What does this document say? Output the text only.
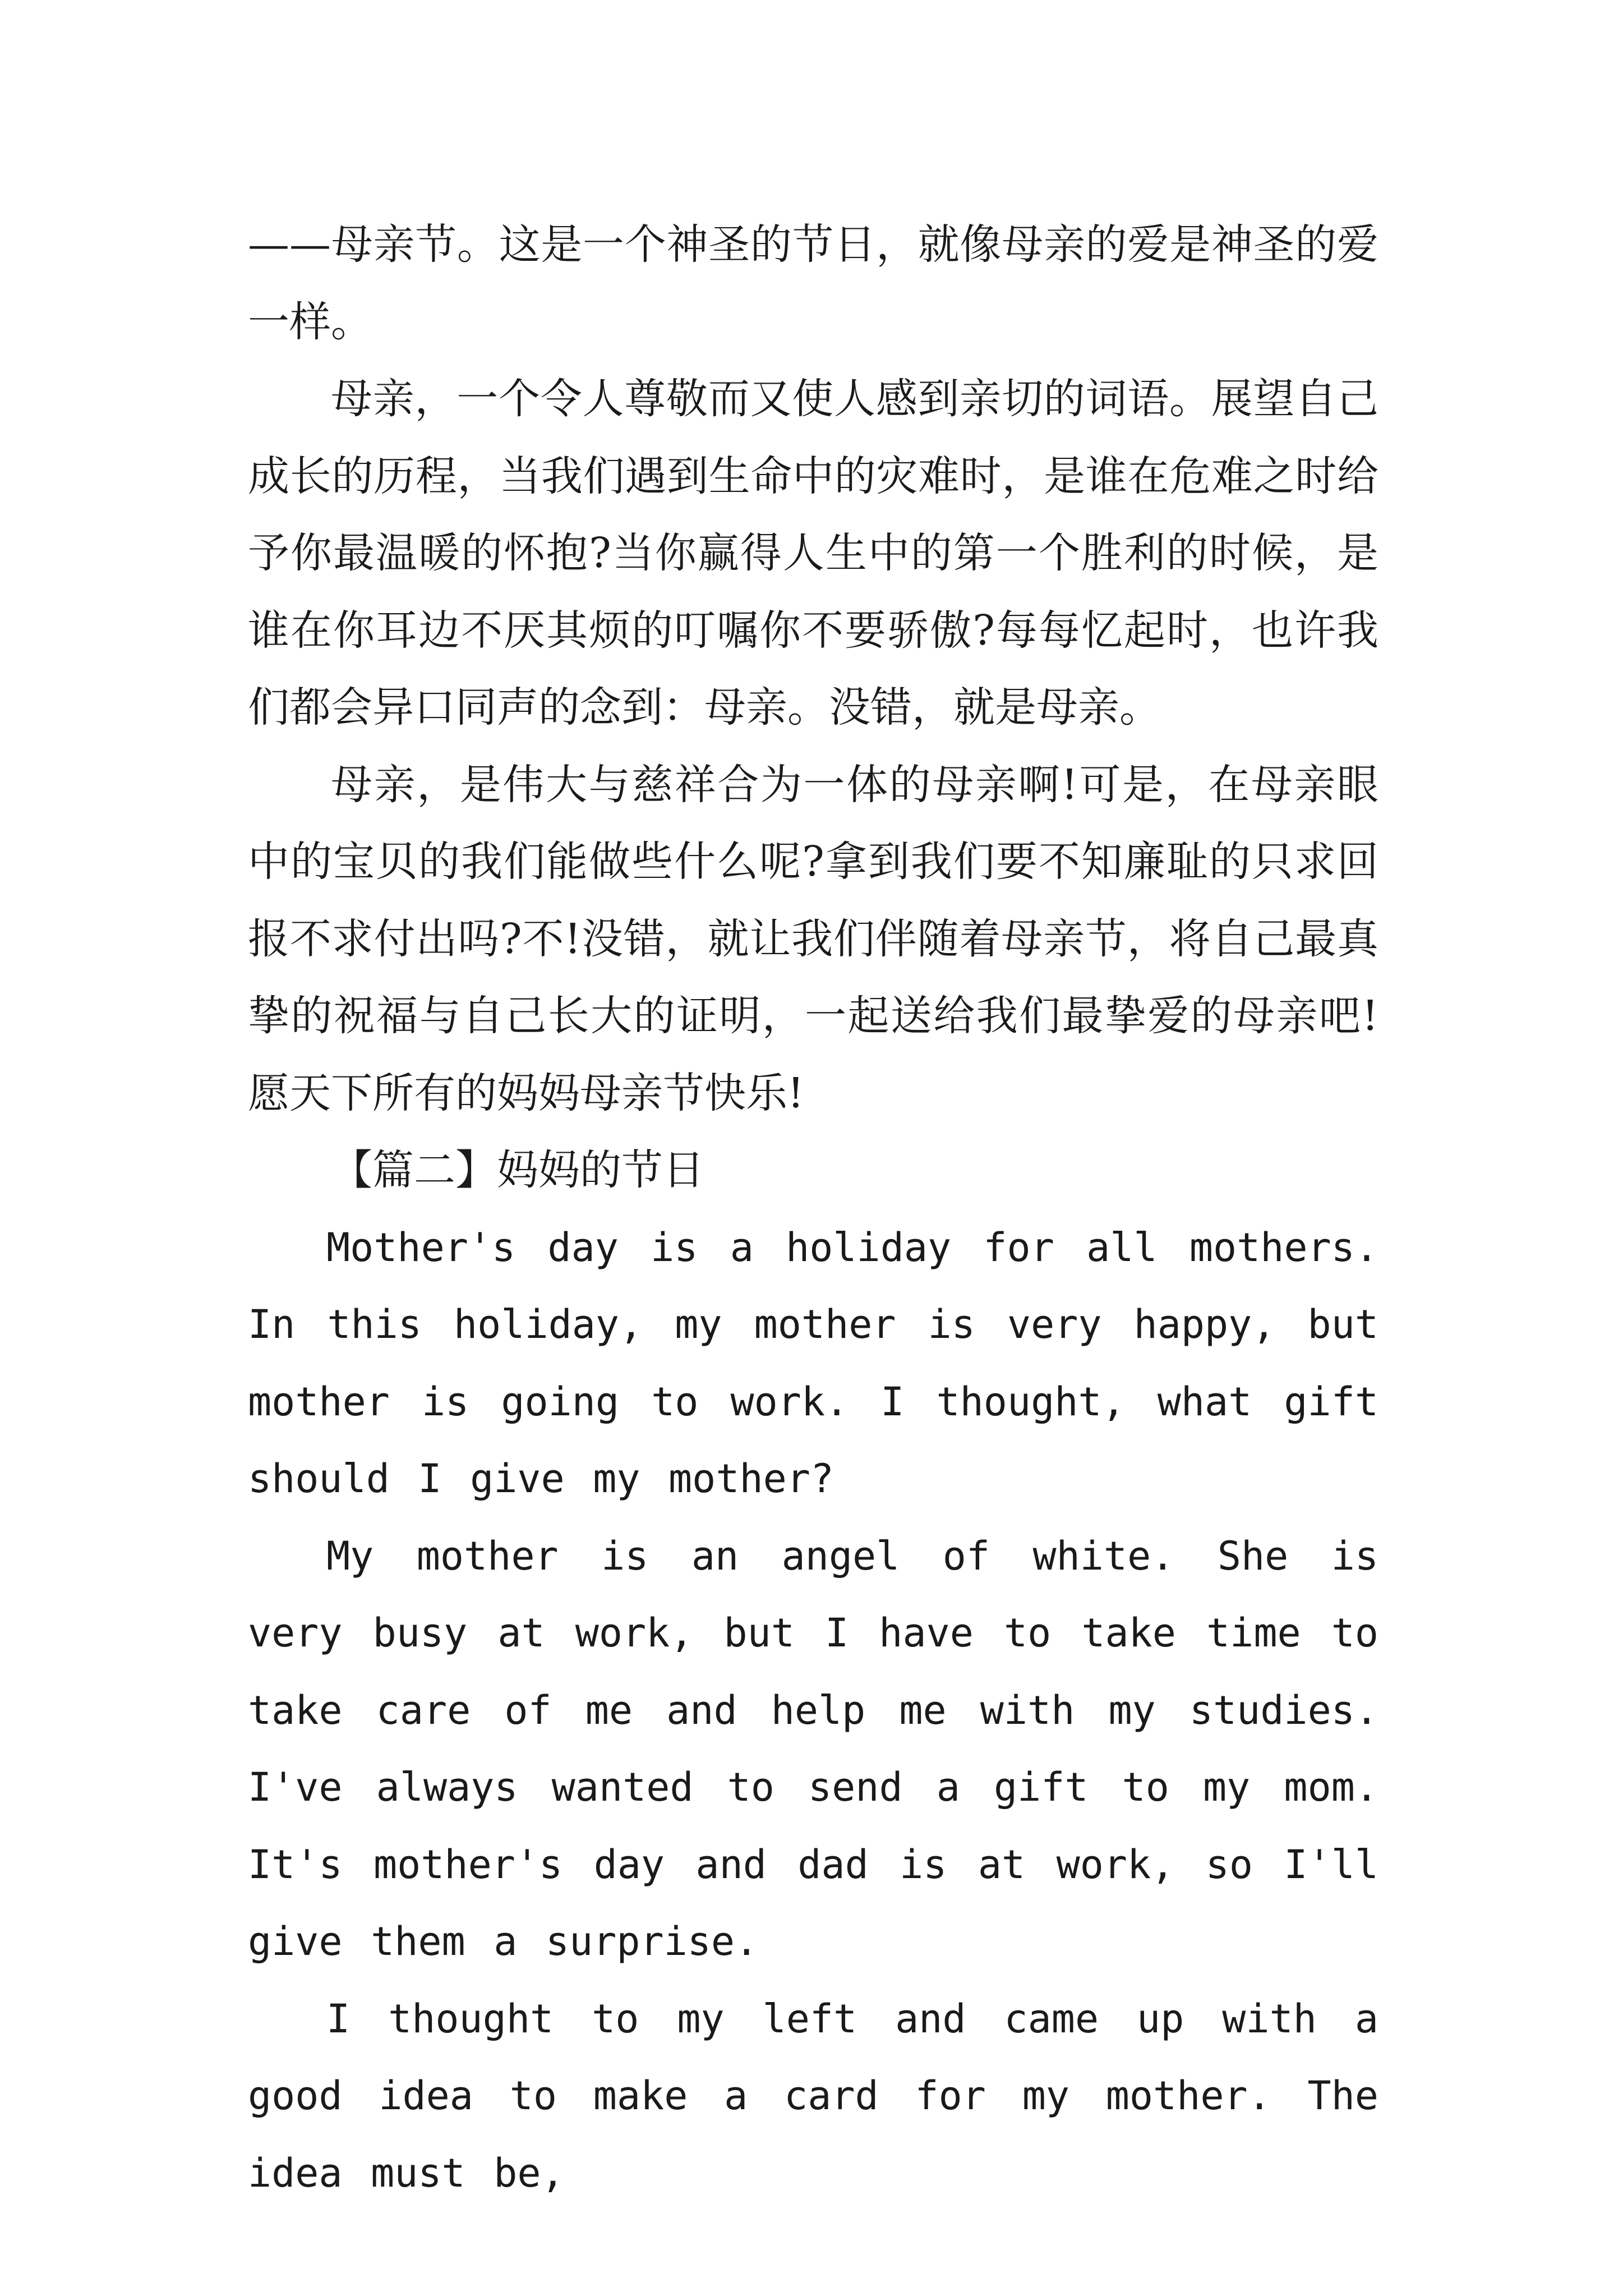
——母亲节。这是一个神圣的节日，就像母亲的爱是神圣的爱一样。

母亲，一个令人尊敬而又使人感到亲切的词语。展望自己成长的历程，当我们遇到生命中的灾难时，是谁在危难之时给予你最温暖的怀抱?当你赢得人生中的第一个胜利的时候，是谁在你耳边不厌其烦的叮嘱你不要骄傲?每每忆起时，也许我们都会异口同声的念到：母亲。没错，就是母亲。

母亲，是伟大与慈祥合为一体的母亲啊!可是，在母亲眼中的宝贝的我们能做些什么呢?拿到我们要不知廉耻的只求回报不求付出吗?不!没错，就让我们伴随着母亲节，将自己最真挚的祝福与自己长大的证明，一起送给我们最挚爱的母亲吧!愿天下所有的妈妈母亲节快乐!

【篇二】妈妈的节日

Mother's day is a holiday for all mothers. In this holiday, my mother is very happy, but mother is going to work. I thought, what gift should I give my mother?

My mother is an angel of white. She is very busy at work, but I have to take time to take care of me and help me with my studies. I've always wanted to send a gift to my mom. It's mother's day and dad is at work, so I'll give them a surprise.

I thought to my left and came up with a good idea to make a card for my mother. The idea must be,
